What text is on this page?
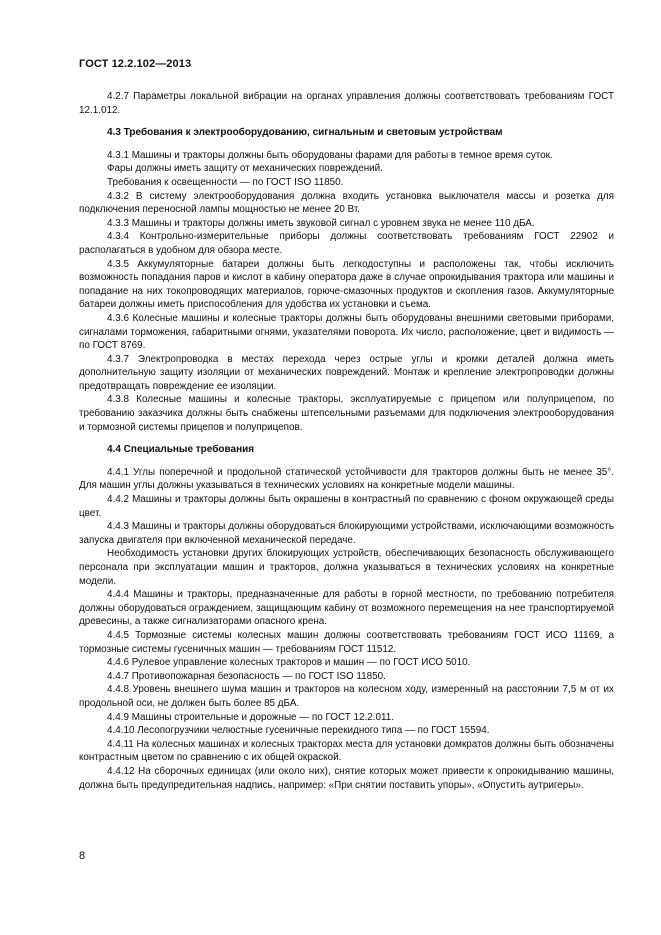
ГОСТ 12.2.102—2013

4.2.7 Параметры локальной вибрации на органах управления должны соответствовать требованиям ГОСТ 12.1.012.

4.3 Требования к электрооборудованию, сигнальным и световым устройствам

4.3.1 Машины и тракторы должны быть оборудованы фарами для работы в темное время суток.

Фары должны иметь защиту от механических повреждений.

Требования к освещенности — по ГОСТ ISO 11850.

4.3.2 В систему электрооборудования должна входить установка выключателя массы и розетка для подключения переносной лампы мощностью не менее 20 Вт.

4.3.3 Машины и тракторы должны иметь звуковой сигнал с уровнем звука не менее 110 дБА.

4.3.4 Контрольно-измерительные приборы должны соответствовать требованиям ГОСТ 22902 и располагаться в удобном для обзора месте.

4.3.5 Аккумуляторные батареи должны быть легкодоступны и расположены так, чтобы исключить возможность попадания паров и кислот в кабину оператора даже в случае опрокидывания трактора или машины и попадание на них токопроводящих материалов, горюче-смазочных продуктов и скопления газов. Аккумуляторные батареи должны иметь приспособления для удобства их установки и съема.

4.3.6 Колесные машины и колесные тракторы должны быть оборудованы внешними световыми приборами, сигналами торможения, габаритными огнями, указателями поворота. Их число, расположение, цвет и видимость — по ГОСТ 8769.

4.3.7 Электропроводка в местах перехода через острые углы и кромки деталей должна иметь дополнительную защиту изоляции от механических повреждений. Монтаж и крепление электропроводки должны предотвращать повреждение ее изоляции.

4.3.8 Колесные машины и колесные тракторы, эксплуатируемые с прицепом или полуприцепом, по требованию заказчика должны быть снабжены штепсельными разъемами для подключения электрооборудования и тормозной системы прицепов и полуприцепов.

4.4 Специальные требования

4.4.1 Углы поперечной и продольной статической устойчивости для тракторов должны быть не менее 35°. Для машин углы должны указываться в технических условиях на конкретные модели машины.

4.4.2 Машины и тракторы должны быть окрашены в контрастный по сравнению с фоном окружающей среды цвет.

4.4.3 Машины и тракторы должны оборудоваться блокирующими устройствами, исключающими возможность запуска двигателя при включенной механической передаче.

Необходимость установки других блокирующих устройств, обеспечивающих безопасность обслуживающего персонала при эксплуатации машин и тракторов, должна указываться в технических условиях на конкретные модели.

4.4.4 Машины и тракторы, предназначенные для работы в горной местности, по требованию потребителя должны оборудоваться ограждением, защищающим кабину от возможного перемещения на нее транспортируемой древесины, а также сигнализаторами опасного крена.

4.4.5 Тормозные системы колесных машин должны соответствовать требованиям ГОСТ ИСО 11169, а тормозные системы гусеничных машин — требованиям ГОСТ 11512.

4.4.6 Рулевое управление колесных тракторов и машин — по ГОСТ ИСО 5010.

4.4.7 Противопожарная безопасность — по ГОСТ ISO 11850.

4.4.8 Уровень внешнего шума машин и тракторов на колесном ходу, измеренный на расстоянии 7,5 м от их продольной оси, не должен быть более 85 дБА.

4.4.9 Машины строительные и дорожные — по ГОСТ 12.2.011.

4.4.10 Лесопогрузчики челюстные гусеничные перекидного типа — по ГОСТ 15594.

4.4.11 На колесных машинах и колесных тракторах места для установки домкратов должны быть обозначены контрастным цветом по сравнению с их общей окраской.

4.4.12 На сборочных единицах (или около них), снятие которых может привести к опрокидыванию машины, должна быть предупредительная надпись, например: «При снятии поставить упоры», «Опустить аутригеры».

8
